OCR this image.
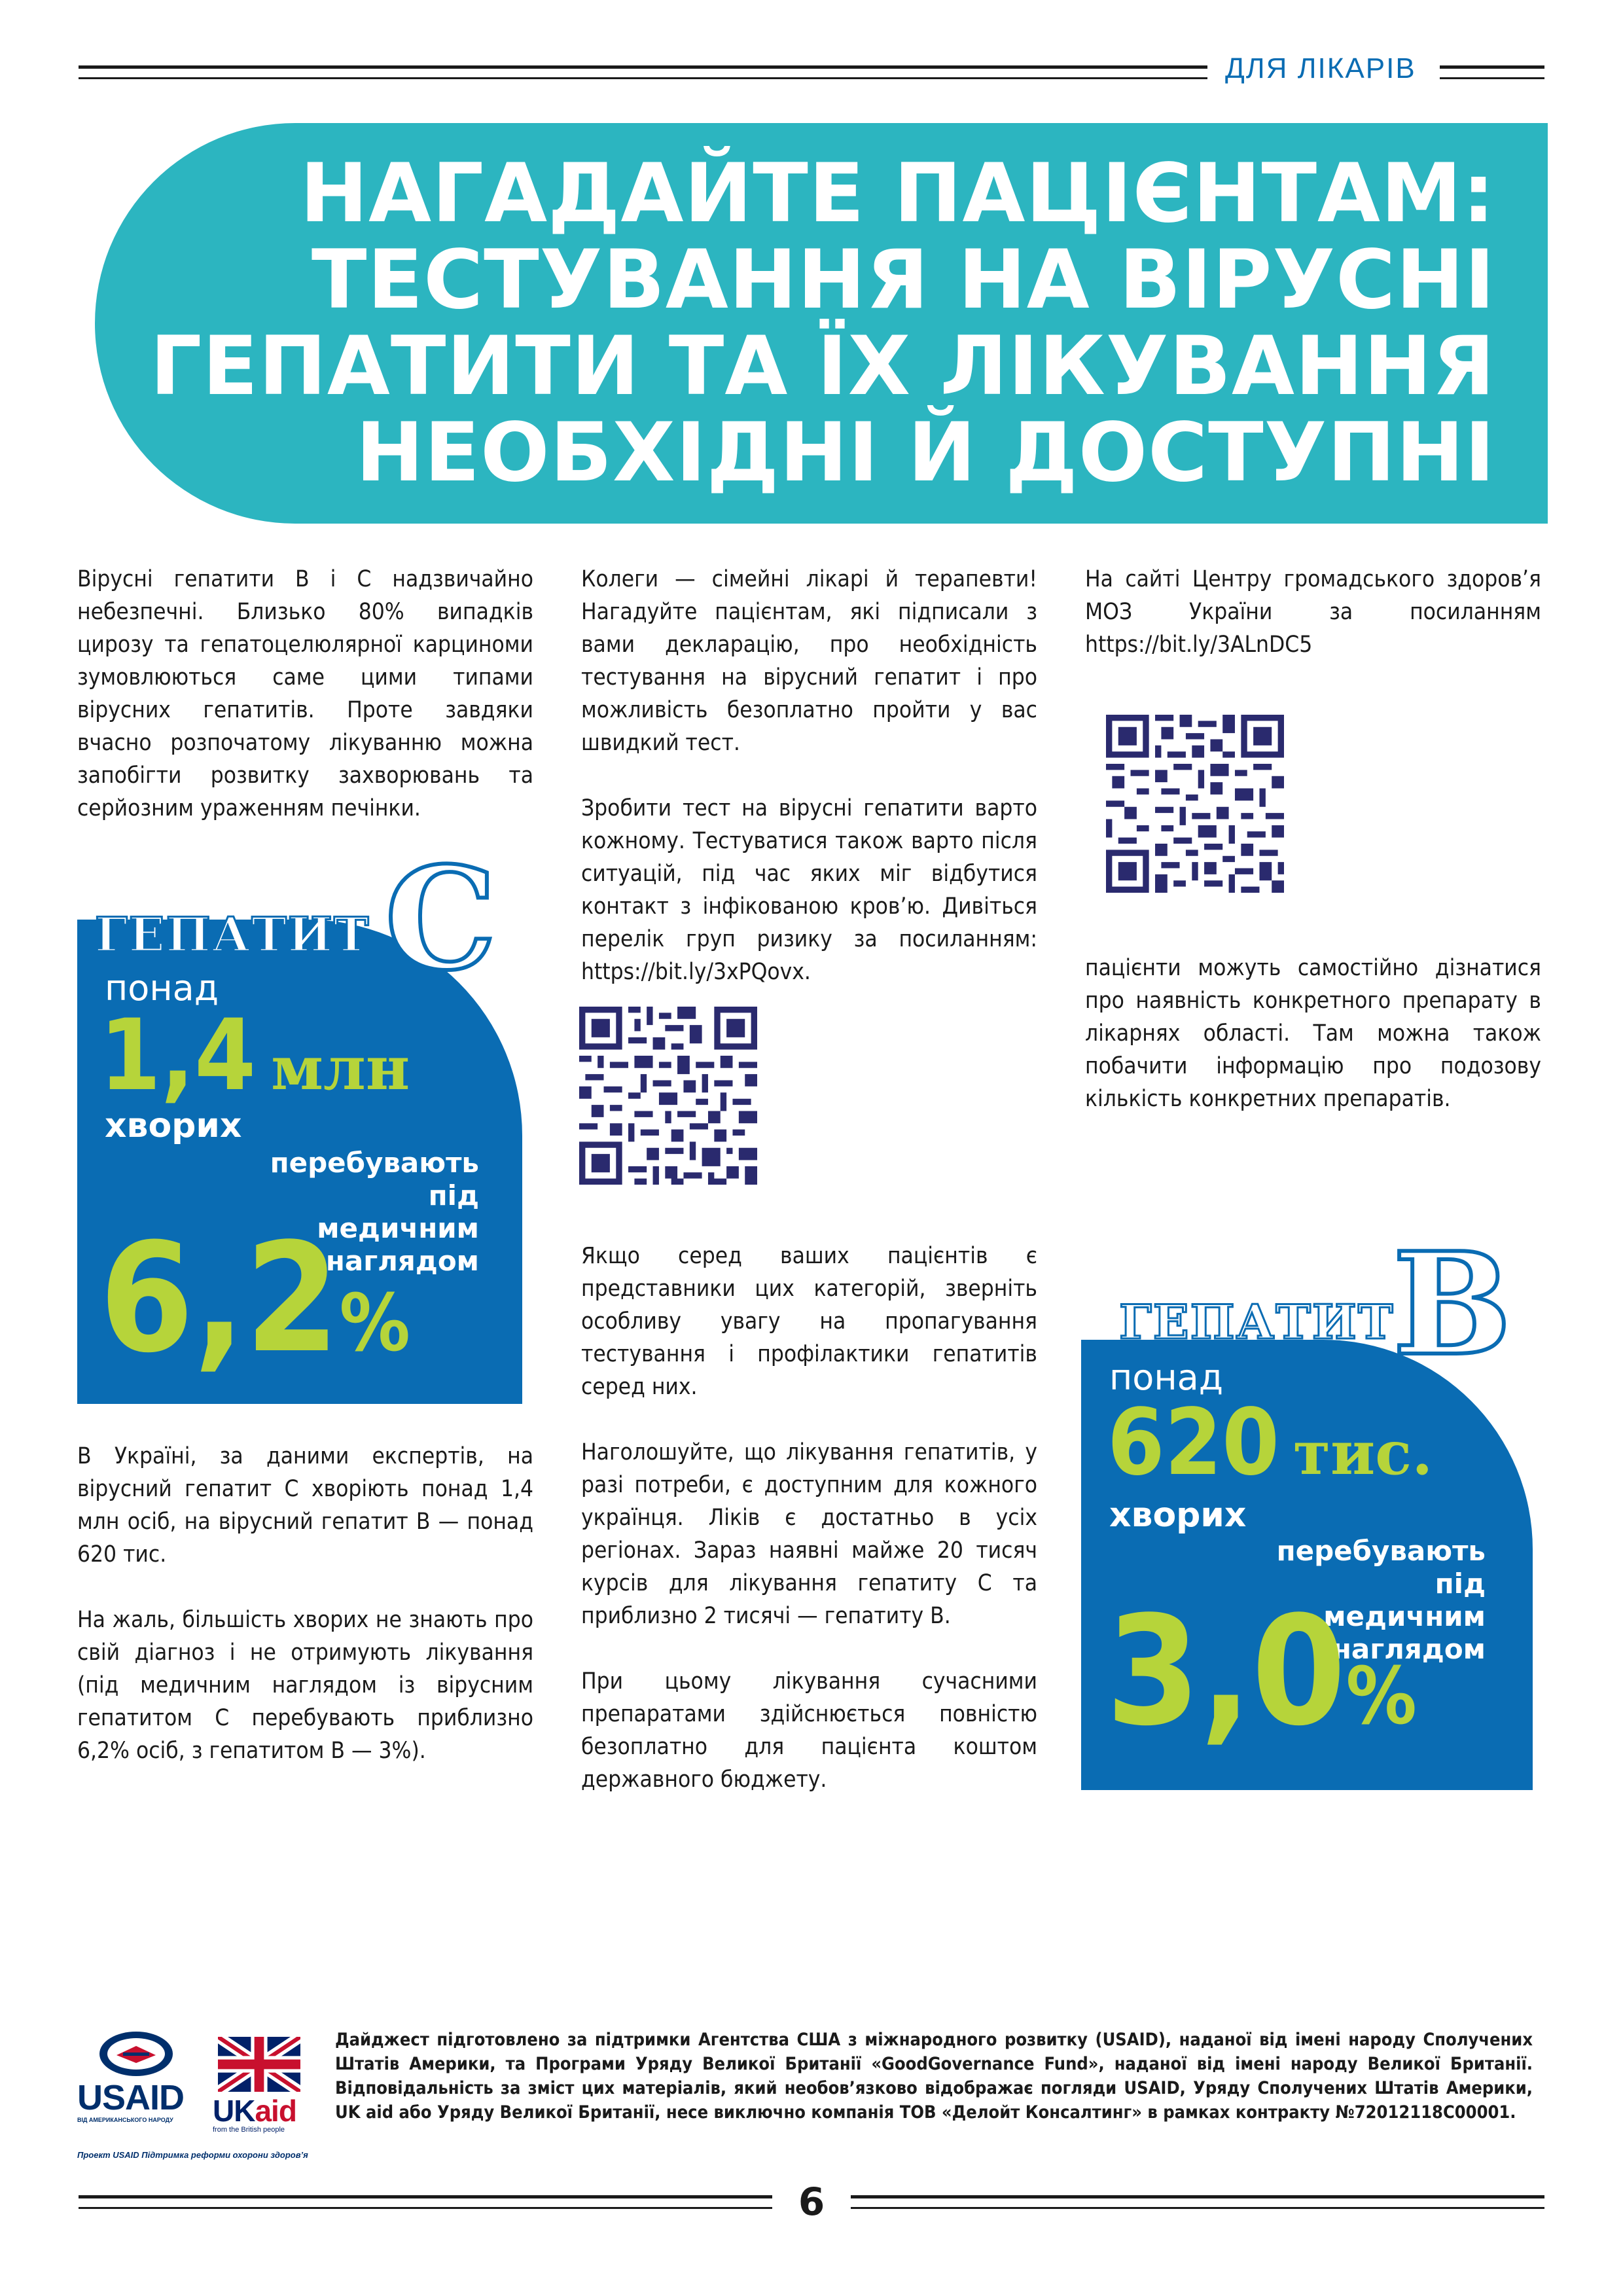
ДЛЯ ЛІКАРІВ
НАГАДАЙТЕ ПАЦІЄНТАМ:
ТЕСТУВАННЯ НА ВІРУСНІ
ГЕПАТИТИ ТА ЇХ ЛІКУВАННЯ
НЕОБХІДНІ Й ДОСТУПНІ

Вірусні гепатити В і С надзвичайно небезпечні. Близько 80% випадків цирозу та гепатоцелюлярної карциноми зумовлюються саме цими типами вірусних гепатитів. Проте завдяки вчасно розпочатому лікуванню можна запобігти розвитку захворювань та серйозним ураженням печінки.

ГЕПАТИТ С
понад
1,4 млн
хворих
перебувають
під медичним
наглядом
6,2%

В Україні, за даними експертів, на вірусний гепатит С хворіють понад 1,4 млн осіб, на вірусний гепатит В — понад 620 тис.

На жаль, більшість хворих не знають про свій діагноз і не отримують лікування (під медичним наглядом із вірусним гепатитом С перебувають приблизно 6,2% осіб, з гепатитом В — 3%).

Колеги — сімейні лікарі й терапевти! Нагадуйте пацієнтам, які підписали з вами декларацію, про необхідність тестування на вірусний гепатит і про можливість безоплатно пройти у вас швидкий тест.

Зробити тест на вірусні гепатити варто кожному. Тестуватися також варто після ситуацій, під час яких міг відбутися контакт з інфікованою кров’ю. Дивіться перелік груп ризику за посиланням: https://bit.ly/3xPQovx.

Якщо серед ваших пацієнтів є представники цих категорій, зверніть особливу увагу на пропагування тестування і профілактики гепатитів серед них.

Наголошуйте, що лікування гепатитів, у разі потреби, є доступним для кожного українця. Ліків є достатньо в усіх регіонах. Зараз наявні майже 20 тисяч курсів для лікування гепатиту С та приблизно 2 тисячі — гепатиту В.

При цьому лікування сучасними препаратами здійснюється повністю безоплатно для пацієнта коштом державного бюджету.

На сайті Центру громадського здоров’я МОЗ України за посиланням https://bit.ly/3ALnDC5

пацієнти можуть самостійно дізнатися про наявність конкретного препарату в лікарнях області. Там можна також побачити інформацію про подозову кількість конкретних препаратів.

ГЕПАТИТ
В
понад
620 тис.
хворих
перебувають
під медичним
наглядом
3,0%
USAID
ВІД АМЕРИКАНСЬКОГО НАРОДУ	UKaid
from the British people
Проект USAID Підтримка реформи охорони здоров’я
Дайджест підготовлено за підтримки Агентства США з міжнародного розвитку (USAID), наданої від імені народу Сполучених Штатів Америки, та Програми Уряду Великої Британії «GoodGovernance Fund», наданої від імені народу Великої Британії. Відповідальність за зміст цих матеріалів, який необов’язково відображає погляди USAID, Уряду Сполучених Штатів Америки, UK aid або Уряду Великої Британії, несе виключно компанія ТОВ «Делойт Консалтинг» в рамках контракту №72012118C00001.
6
